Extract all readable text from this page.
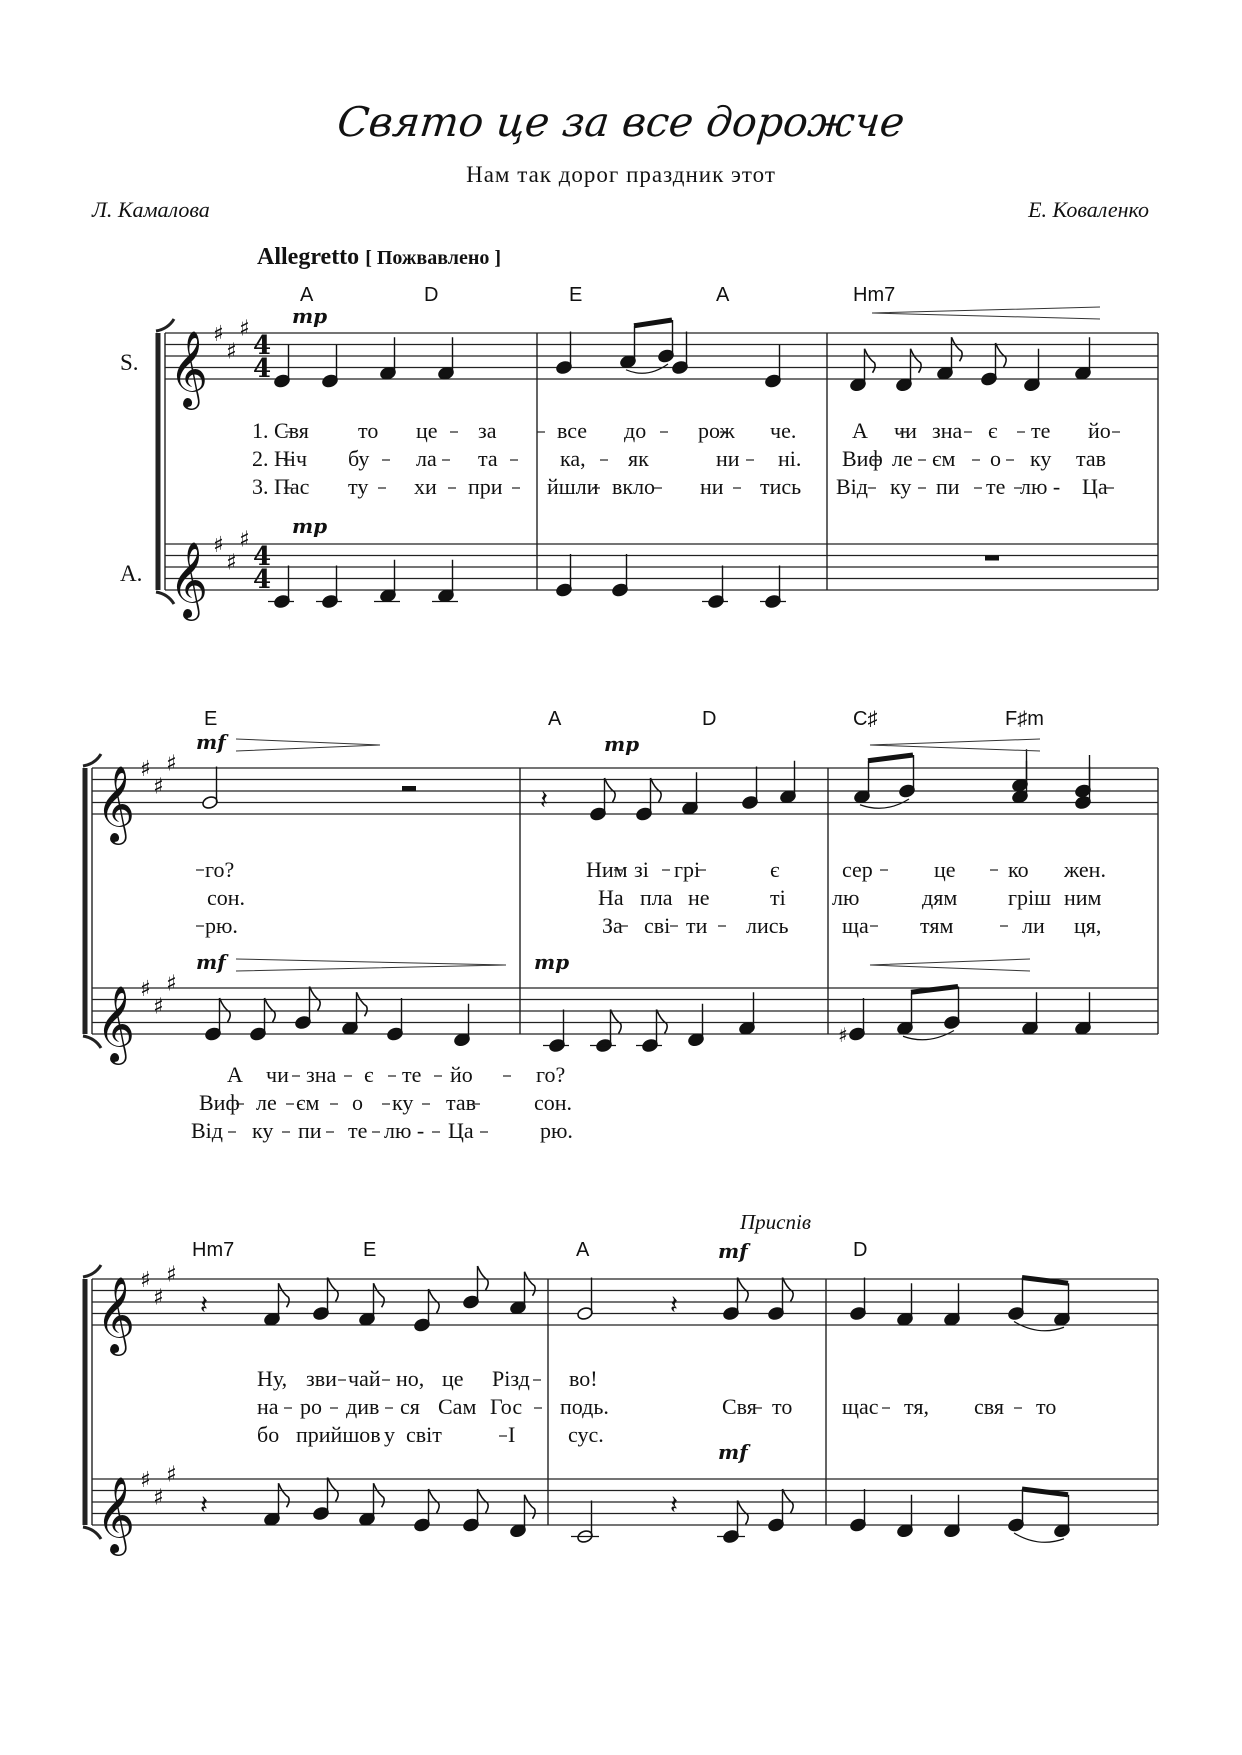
Свято це за все дорожче
Нам так дорог праздник этот
Л. Камалова	Е. Коваленко
Allegretto [ Пожвавлено ]
S.
A.
Приспів
A	D	E	A	Hm7
E	A	D	C♯	F♯m
Hm7	E	A	D
mp
mp
mf	mp
mf	mp
mf
mf
1. Свя то це за	все до рож че.	А чи зна є те йо
2. Ніч бу ла та	ка, як	ни ні. Виф ле єм о ку тав
3. Пас ту хи при йшли вкло ни тись Від ку пи те лю - Ца
го?	Ним зі грі	є	сер	це ко жен.
сон.	На пла не	ті лю	дям гріш ним
рю.	За сві ти лись ща тям	ли ця,
А чи зна є те йо	го?
Виф ле єм о ку тав	сон.
Від ку пи те лю - Ца	рю.
Ну, зви чай но, це Різд во!
на ро див ся Сам Гос подь.	Свя то щас тя, свя то
бо прийшов у світ	І сус.
𝄞 ♯
♯
♯
4
4
𝄞 ♯
♯
♯
4
4
𝄞 ♯
♯
♯
𝄞 ♯
♯
♯
𝄞 ♯
♯
♯
𝄞 ♯
♯
♯
𝄽
♯
𝄽	𝄽
𝄽	𝄽
